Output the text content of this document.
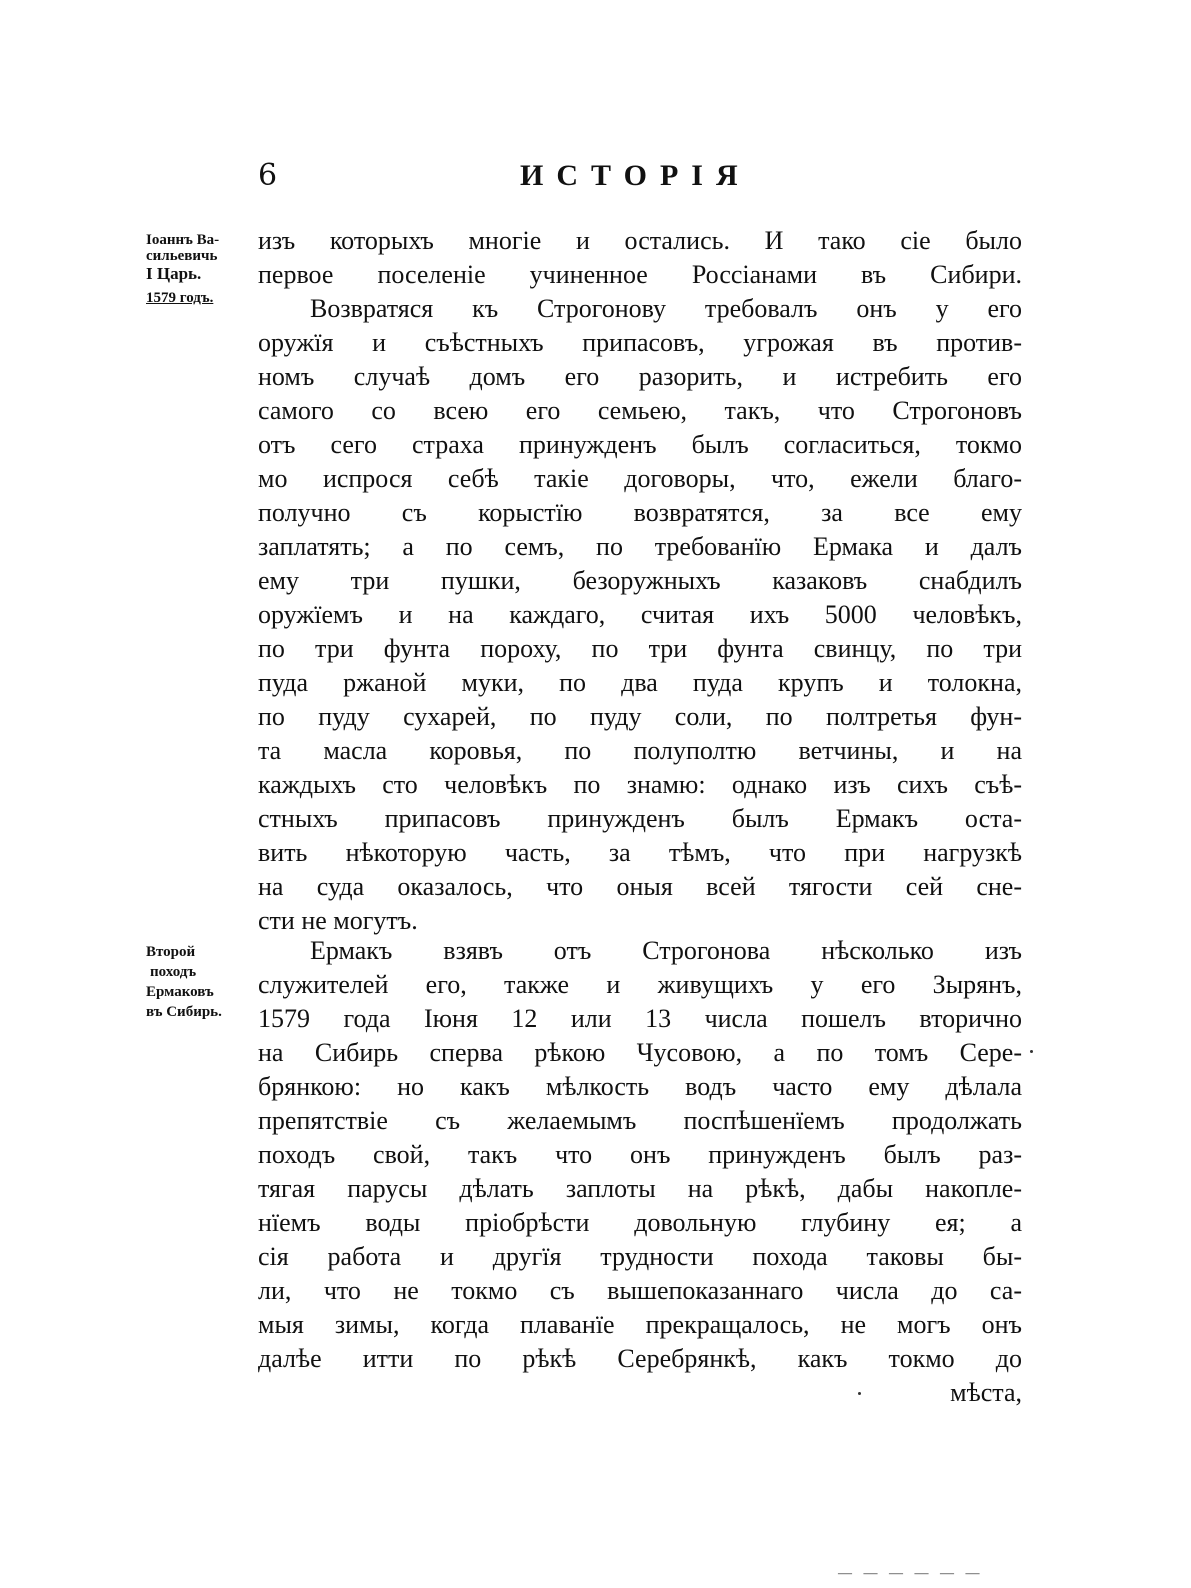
6	ИСТОРІЯ
Іоаннъ Ва-
сильевичь
I Царь.
1579 годъ.
Второй
походъ
Ермаковъ
въ Сибирь.
изъ которыхъ многіе и остались. И тако сіе было
первое поселеніе учиненное Россіанами въ Сибири.
Возвратяся къ Строгонову требовалъ онъ у его
оружїя и съѣстныхъ припасовъ, угрожая въ против-
номъ случаѣ домъ его разорить, и истребить его
самого со всею его семьею, такъ, что Строгоновъ
отъ сего страха принужденъ былъ согласиться, токмо
мо испрося себѣ такіе договоры, что, ежели благо-
получно съ корыстїю возвратятся, за все ему
заплатять; а по семъ, по требованїю Ермака и далъ
ему три пушки, безоружныхъ казаковъ снабдилъ
оружїемъ и на каждаго, считая ихъ 5000 человѣкъ,
по три фунта пороху, по три фунта свинцу, по три
пуда ржаной муки, по два пуда крупъ и толокна,
по пуду сухарей, по пуду соли, по полтретья фун-
та масла коровья, по полуполтю ветчины, и на
каждыхъ сто человѣкъ по знамю: однако изъ сихъ съѣ-
стныхъ припасовъ принужденъ былъ Ермакъ оста-
вить нѣкоторую часть, за тѣмъ, что при нагрузкѣ
на суда оказалось, что оныя всей тягости сей сне-
сти не могутъ.
Ермакъ взявъ отъ Строгонова нѣсколько изъ
служителей его, также и живущихъ у его Зырянъ,
1579 года Іюня 12 или 13 числа пошелъ вторично
на Сибирь сперва рѣкою Чусовою, а по томъ Сере-
брянкою: но какъ мѣлкость водъ часто ему дѣлала
препятствіе съ желаемымъ поспѣшенїемъ продолжать
походъ свой, такъ что онъ принужденъ былъ раз-
тягая парусы дѣлать заплоты на рѣкѣ, дабы накопле-
нїемъ воды пріобрѣсти довольную глубину ея; а
сія работа и другїя трудности похода таковы бы-
ли, что не токмо съ вышепоказаннаго числа до са-
мыя зимы, когда плаванїе прекращалось, не могъ онъ
далѣе итти по рѣкѣ Серебрянкѣ, какъ токмо до
мѣста,
— — — — — —
